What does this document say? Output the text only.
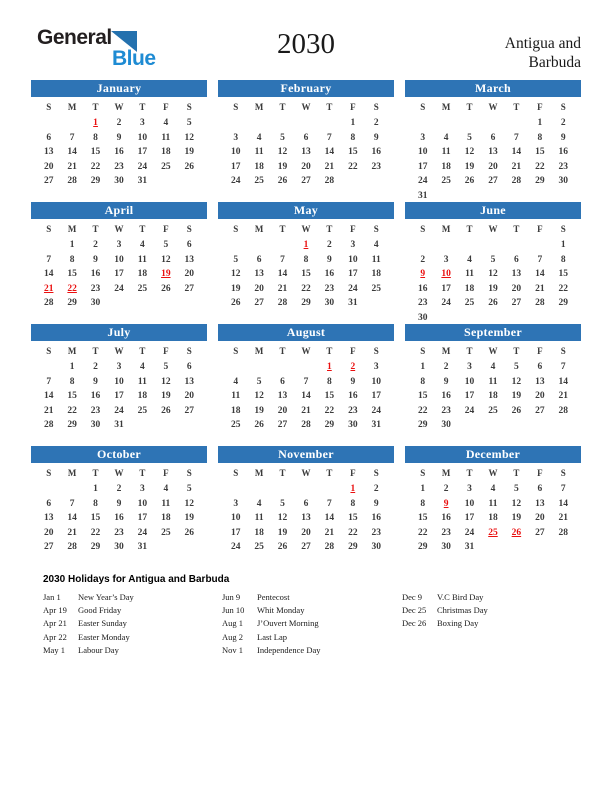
General
Blue	2030	Antigua and Barbuda
January
S	M	T	W	T	F	S
		1	2	3	4	5
6	7	8	9	10	11	12
13	14	15	16	17	18	19
20	21	22	23	24	25	26
27	28	29	30	31		
February
S	M	T	W	T	F	S
					1	2
3	4	5	6	7	8	9
10	11	12	13	14	15	16
17	18	19	20	21	22	23
24	25	26	27	28		
March
S	M	T	W	T	F	S
					1	2
3	4	5	6	7	8	9
10	11	12	13	14	15	16
17	18	19	20	21	22	23
24	25	26	27	28	29	30
31						
April
S	M	T	W	T	F	S
	1	2	3	4	5	6
7	8	9	10	11	12	13
14	15	16	17	18	19	20
21	22	23	24	25	26	27
28	29	30				
May
S	M	T	W	T	F	S
			1	2	3	4
5	6	7	8	9	10	11
12	13	14	15	16	17	18
19	20	21	22	23	24	25
26	27	28	29	30	31	
June
S	M	T	W	T	F	S
						1
2	3	4	5	6	7	8
9	10	11	12	13	14	15
16	17	18	19	20	21	22
23	24	25	26	27	28	29
30						
July
S	M	T	W	T	F	S
	1	2	3	4	5	6
7	8	9	10	11	12	13
14	15	16	17	18	19	20
21	22	23	24	25	26	27
28	29	30	31			
August
S	M	T	W	T	F	S
				1	2	3
4	5	6	7	8	9	10
11	12	13	14	15	16	17
18	19	20	21	22	23	24
25	26	27	28	29	30	31
September
S	M	T	W	T	F	S
1	2	3	4	5	6	7
8	9	10	11	12	13	14
15	16	17	18	19	20	21
22	23	24	25	26	27	28
29	30					
October
S	M	T	W	T	F	S
		1	2	3	4	5
6	7	8	9	10	11	12
13	14	15	16	17	18	19
20	21	22	23	24	25	26
27	28	29	30	31		
November
S	M	T	W	T	F	S
					1	2
3	4	5	6	7	8	9
10	11	12	13	14	15	16
17	18	19	20	21	22	23
24	25	26	27	28	29	30
December
S	M	T	W	T	F	S
1	2	3	4	5	6	7
8	9	10	11	12	13	14
15	16	17	18	19	20	21
22	23	24	25	26	27	28
29	30	31				
2030 Holidays for Antigua and Barbuda
Jan 1	New Year’s Day
Apr 19	Good Friday
Apr 21	Easter Sunday
Apr 22	Easter Monday
May 1	Labour Day
Jun 9	Pentecost
Jun 10	Whit Monday
Aug 1	J’Ouvert Morning
Aug 2	Last Lap
Nov 1	Independence Day
Dec 9	V.C Bird Day
Dec 25	Christmas Day
Dec 26	Boxing Day
